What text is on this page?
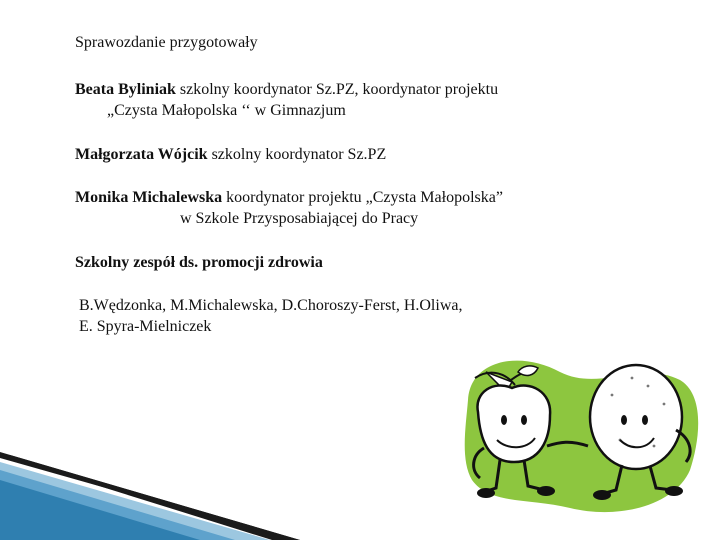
Sprawozdanie przygotowały
Beata Byliniak szkolny koordynator Sz.PZ, koordynator projektu
„Czysta Małopolska ‘‘ w Gimnazjum
Małgorzata Wójcik szkolny koordynator Sz.PZ
Monika Michalewska koordynator projektu „Czysta Małopolska”
w Szkole Przysposabiającej do Pracy
Szkolny zespół ds. promocji zdrowia
B.Wędzonka, M.Michalewska, D.Choroszy-Ferst, H.Oliwa,
E. Spyra-Mielniczek
